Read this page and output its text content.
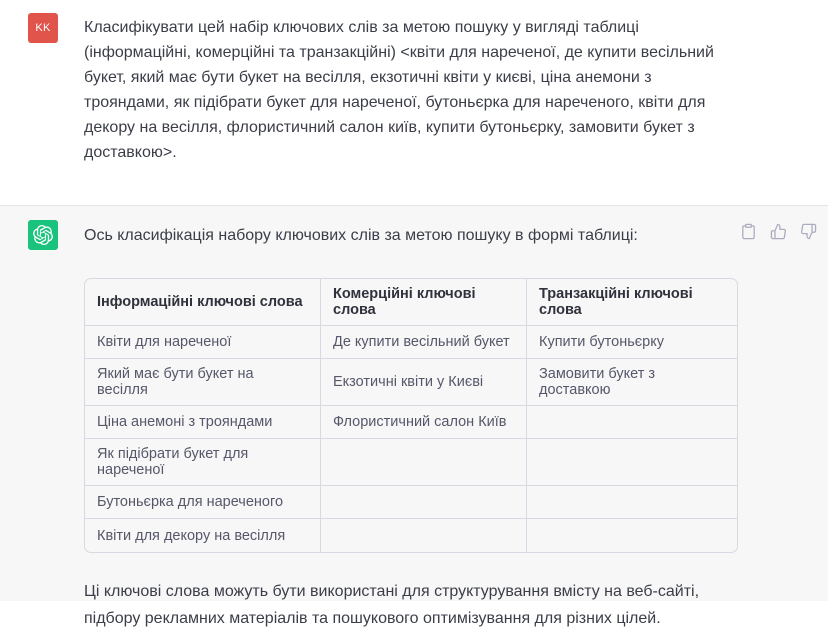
KK Класифікувати цей набір ключових слів за метою пошуку у вигляді таблиці (інформаційні, комерційні та транзакційні) <квіти для нареченої, де купити весільний букет, який має бути букет на весілля, екзотичні квіти у києві, ціна анемони з трояндами, як підібрати букет для нареченої, бутоньєрка для нареченого, квіти для декору на весілля, флористичний салон київ, купити бутоньєрку, замовити букет з доставкою>.

Ось класифікація набору ключових слів за метою пошуку в формі таблиці:

Інформаційні ключові слова	Комерційні ключові слова	Транзакційні ключові слова
Квіти для нареченої	Де купити весільний букет	Купити бутоньєрку
Який має бути букет на весілля	Екзотичні квіти у Києві	Замовити букет з доставкою
Ціна анемоні з трояндами	Флористичний салон Київ	
Як підібрати букет для нареченої		
Бутоньєрка для нареченого		
Квіти для декору на весілля		

Ці ключові слова можуть бути використані для структурування вмісту на веб-сайті, підбору рекламних матеріалів та пошукового оптимізування для різних цілей.
